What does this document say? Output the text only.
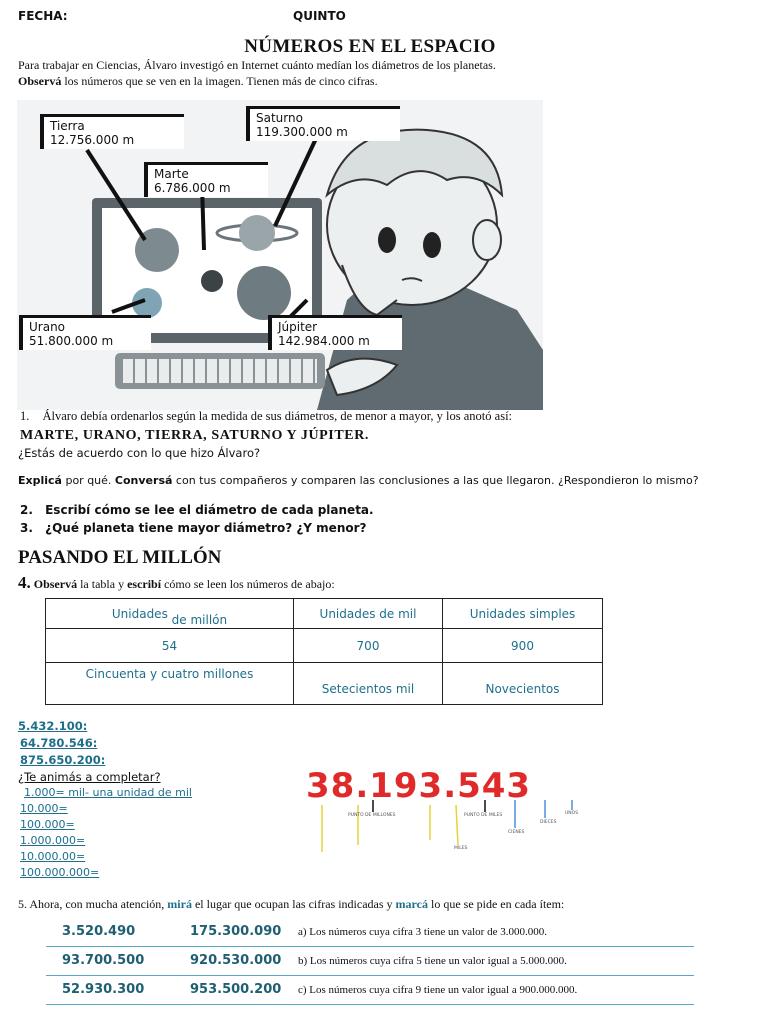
FECHA:	QUINTO
NÚMEROS EN EL ESPACIO
Para trabajar en Ciencias, Álvaro investigó en Internet cuánto medían los diámetros de los planetas.
Observá los números que se ven en la imagen. Tienen más de cinco cifras.
Tierra
12.756.000 m
Saturno
119.300.000 m
Marte
6.786.000 m
Urano
51.800.000 m
Júpiter
142.984.000 m
1. Álvaro debía ordenarlos según la medida de sus diámetros, de menor a mayor, y los anotó así:
MARTE, URANO, TIERRA, SATURNO Y JÚPITER.
¿Estás de acuerdo con lo que hizo Álvaro?
Explicá por qué. Conversá con tus compañeros y comparen las conclusiones a las que llegaron. ¿Respondieron lo mismo?
2. Escribí cómo se lee el diámetro de cada planeta.
3. ¿Qué planeta tiene mayor diámetro? ¿Y menor?
PASANDO EL MILLÓN
4. Observá la tabla y escribí cómo se leen los números de abajo:
Unidades de millón	Unidades de mil	Unidades simples
54	700	900
Cincuenta y cuatro millones	Setecientos mil	Novecientos
5.432.100:
64.780.546:
875.650.200:
¿Te animás a completar?
1.000= mil- una unidad de mil
10.000=
100.000=
1.000.000=
10.000.00=
100.000.000=
38.193.543
PUNTO DE MILLONES	PUNTO DE MILES	UNOS
DIECES
CIENES
MILES
5. Ahora, con mucha atención, mirá el lugar que ocupan las cifras indicadas y marcá lo que se pide en cada ítem:
3.520.490	175.300.090 a) Los números cuya cifra 3 tiene un valor de 3.000.000.
93.700.500	920.530.000 b) Los números cuya cifra 5 tiene un valor igual a 5.000.000.
52.930.300	953.500.200 c) Los números cuya cifra 9 tiene un valor igual a 900.000.000.
